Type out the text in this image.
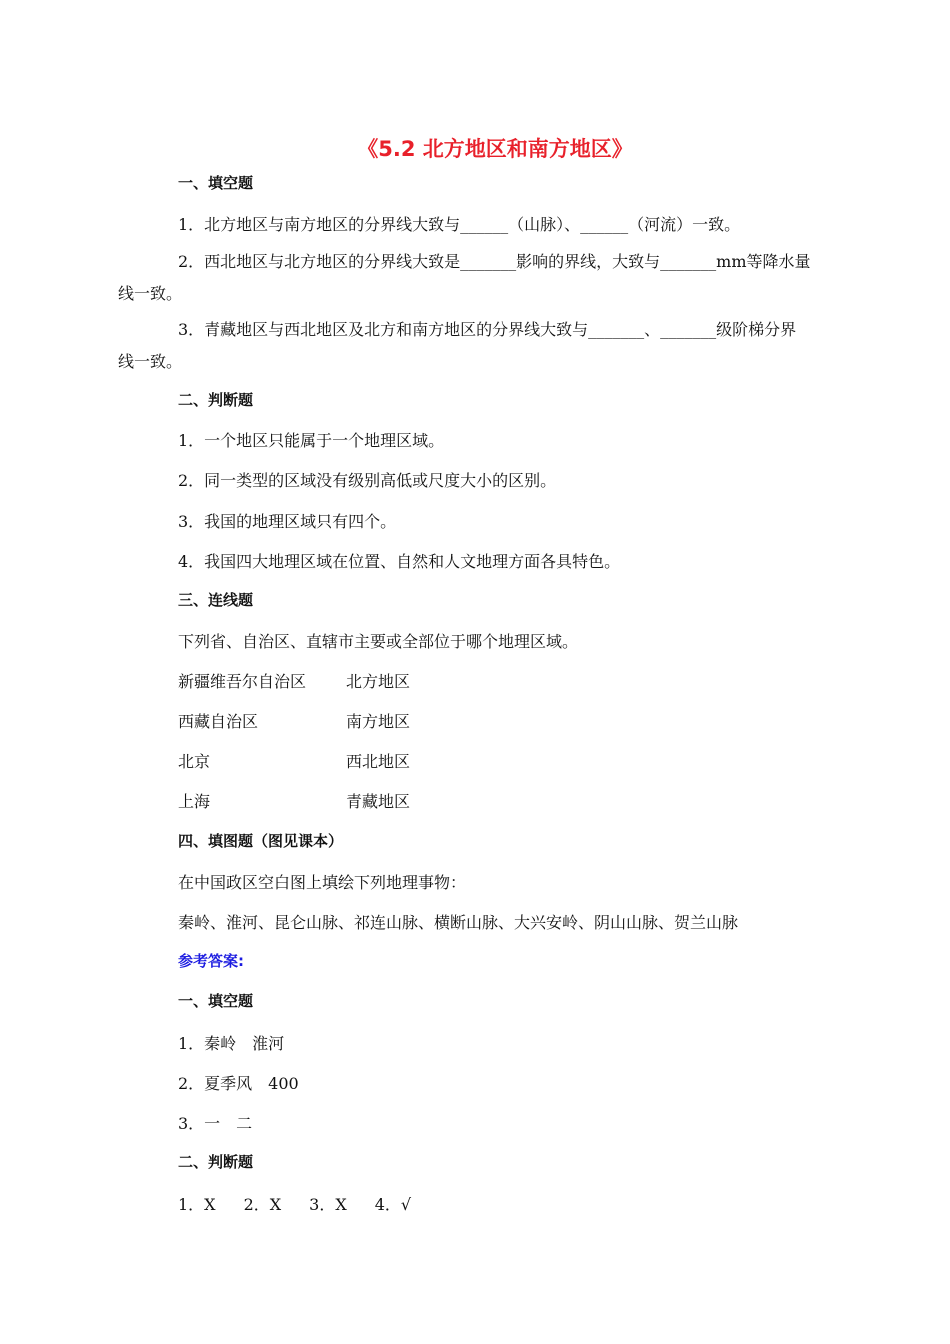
《5.2 北方地区和南方地区》
一、填空题
1．北方地区与南方地区的分界线大致与______（山脉）、______（河流）一致。
2．西北地区与北方地区的分界线大致是_______影响的界线，大致与_______mm等降水量线一致。
3．青藏地区与西北地区及北方和南方地区的分界线大致与_______、_______级阶梯分界线一致。
二、判断题
1．一个地区只能属于一个地理区域。
2．同一类型的区域没有级别高低或尺度大小的区别。
3．我国的地理区域只有四个。
4．我国四大地理区域在位置、自然和人文地理方面各具特色。
三、连线题
下列省、自治区、直辖市主要或全部位于哪个地理区域。
新疆维吾尔自治区 北方地区
西藏自治区	南方地区
北京	西北地区
上海	青藏地区
四、填图题（图见课本）
在中国政区空白图上填绘下列地理事物：
秦岭、淮河、昆仑山脉、祁连山脉、横断山脉、大兴安岭、阴山山脉、贺兰山脉
参考答案:
一、填空题
1．秦岭　淮河
2．夏季风　400
3．一　二
二、判断题
1．X 2．X 3．X 4．√
